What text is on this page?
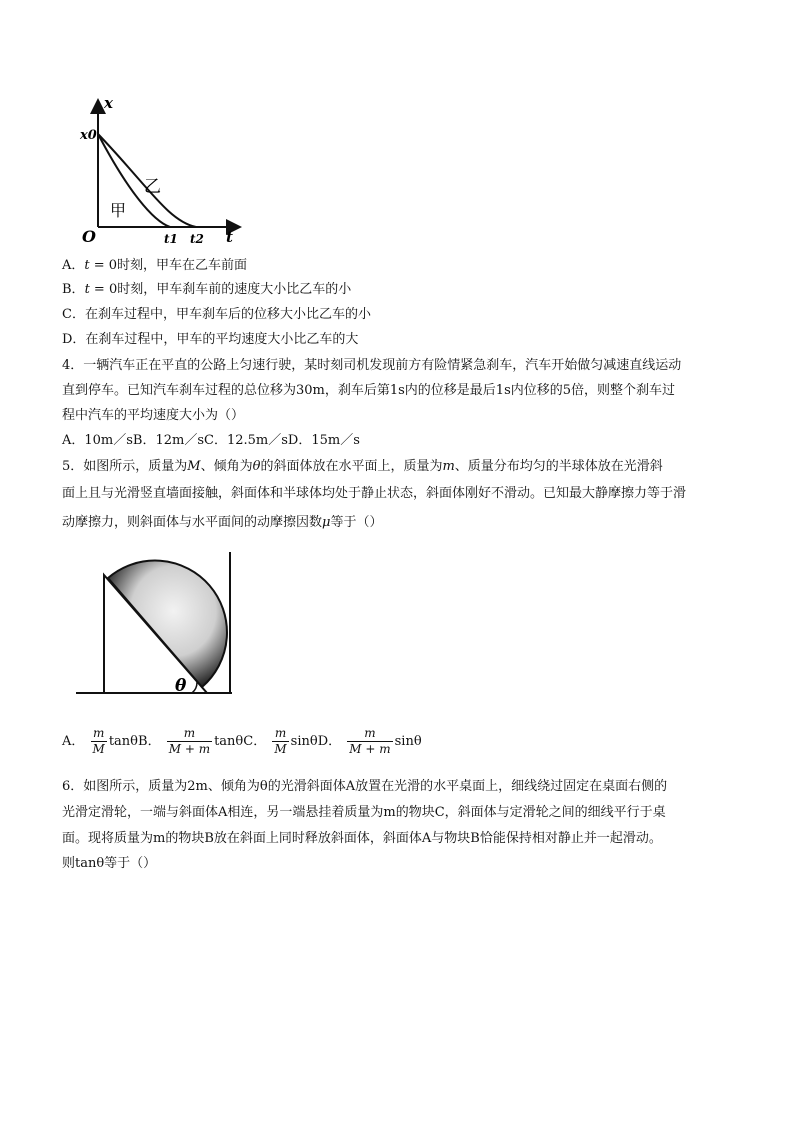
x
t
O
x0
t1 t2
甲
乙
A．t = 0时刻，甲车在乙车前面
B．t = 0时刻，甲车刹车前的速度大小比乙车的小
C．在刹车过程中，甲车刹车后的位移大小比乙车的小
D．在刹车过程中，甲车的平均速度大小比乙车的大
4．一辆汽车正在平直的公路上匀速行驶，某时刻司机发现前方有险情紧急刹车，汽车开始做匀减速直线运动
直到停车。已知汽车刹车过程的总位移为30m，刹车后第1s内的位移是最后1s内位移的5倍，则整个刹车过
程中汽车的平均速度大小为（）
A．10m／sB．12m／sC．12.5m／sD．15m／s
5．如图所示，质量为M、倾角为θ的斜面体放在水平面上，质量为m、质量分布均匀的半球体放在光滑斜
面上且与光滑竖直墙面接触，斜面体和半球体均处于静止状态，斜面体刚好不滑动。已知最大静摩擦力等于滑
动摩擦力，则斜面体与水平面间的动摩擦因数μ等于（）
θ
A． $\frac{m}{M}$ tanθB． $\frac{m}{M + m}$ tanθC． $\frac{m}{M}$ sinθD． $\frac{m}{M + m}$ sinθ
6．如图所示，质量为2m、倾角为θ的光滑斜面体A放置在光滑的水平桌面上，细线绕过固定在桌面右侧的
光滑定滑轮，一端与斜面体A相连，另一端悬挂着质量为m的物块C，斜面体与定滑轮之间的细线平行于桌
面。现将质量为m的物块B放在斜面上同时释放斜面体，斜面体A与物块B恰能保持相对静止并一起滑动。
则tanθ等于（）
